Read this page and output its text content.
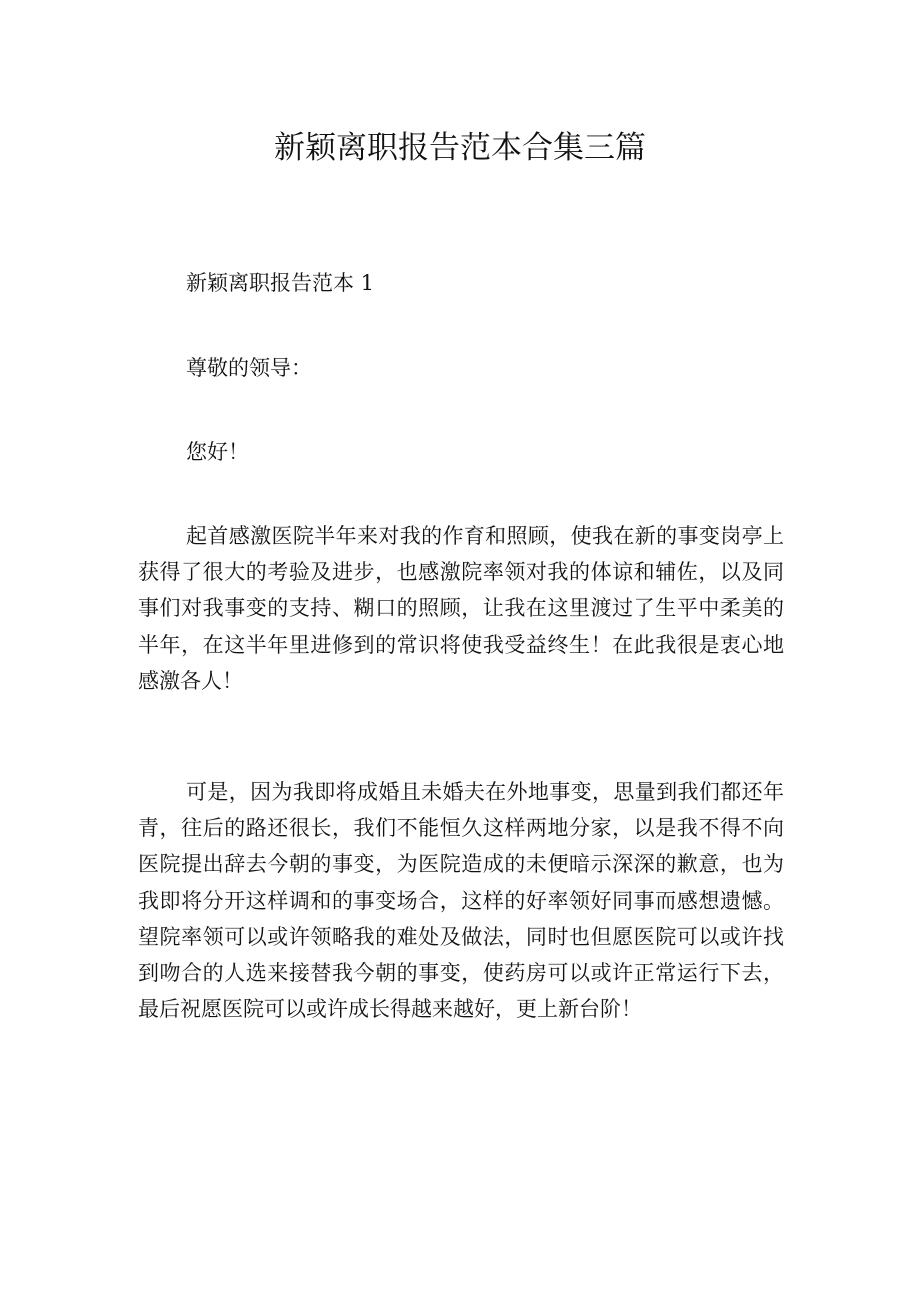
新颖离职报告范本合集三篇
新颖离职报告范本 1
尊敬的领导：
您好！

起首感激医院半年来对我的作育和照顾，使我在新的事变岗亭上获得了很大的考验及进步，也感激院率领对我的体谅和辅佐，以及同事们对我事变的支持、糊口的照顾，让我在这里渡过了生平中柔美的半年，在这半年里进修到的常识将使我受益终生！在此我很是衷心地感激各人！

可是，因为我即将成婚且未婚夫在外地事变，思量到我们都还年青，往后的路还很长，我们不能恒久这样两地分家，以是我不得不向医院提出辞去今朝的事变，为医院造成的未便暗示深深的歉意，也为我即将分开这样调和的事变场合，这样的好率领好同事而感想遗憾。望院率领可以或许领略我的难处及做法，同时也但愿医院可以或许找到吻合的人选来接替我今朝的事变，使药房可以或许正常运行下去，最后祝愿医院可以或许成长得越来越好，更上新台阶！
